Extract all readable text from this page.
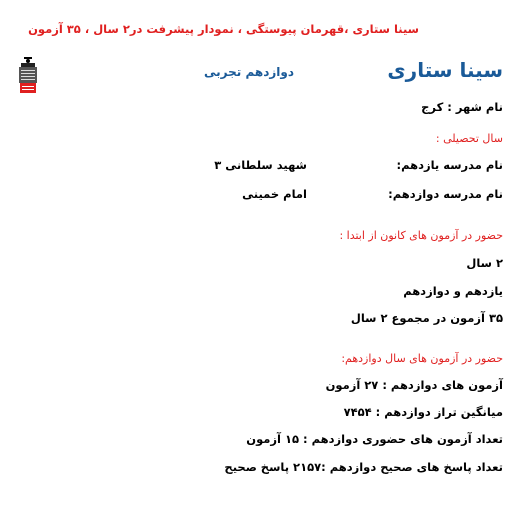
سینا ستاری ،قهرمان پیوستگی ، نمودار پیشرفت در۲ سال ، ۳۵ آزمون
سینا ستاری
دوازدهم تجربی
نام شهر : کرج
سال تحصیلی :
نام مدرسه یازدهم:
شهید سلطانی ۳
نام مدرسه دوازدهم:
امام خمینی
حضور در آزمون های کانون از ابتدا :
۲ سال
یازدهم و دوازدهم
۳۵ آزمون در مجموع ۲ سال
حضور در آزمون های سال دوازدهم:
آزمون های دوازدهم : ۲۷ آزمون
میانگین تراز دوازدهم : ۷۴۵۴
تعداد آزمون های حضوری دوازدهم : ۱۵ آزمون
تعداد پاسخ های صحیح دوازدهم :۲۱۵۷ پاسخ صحیح
